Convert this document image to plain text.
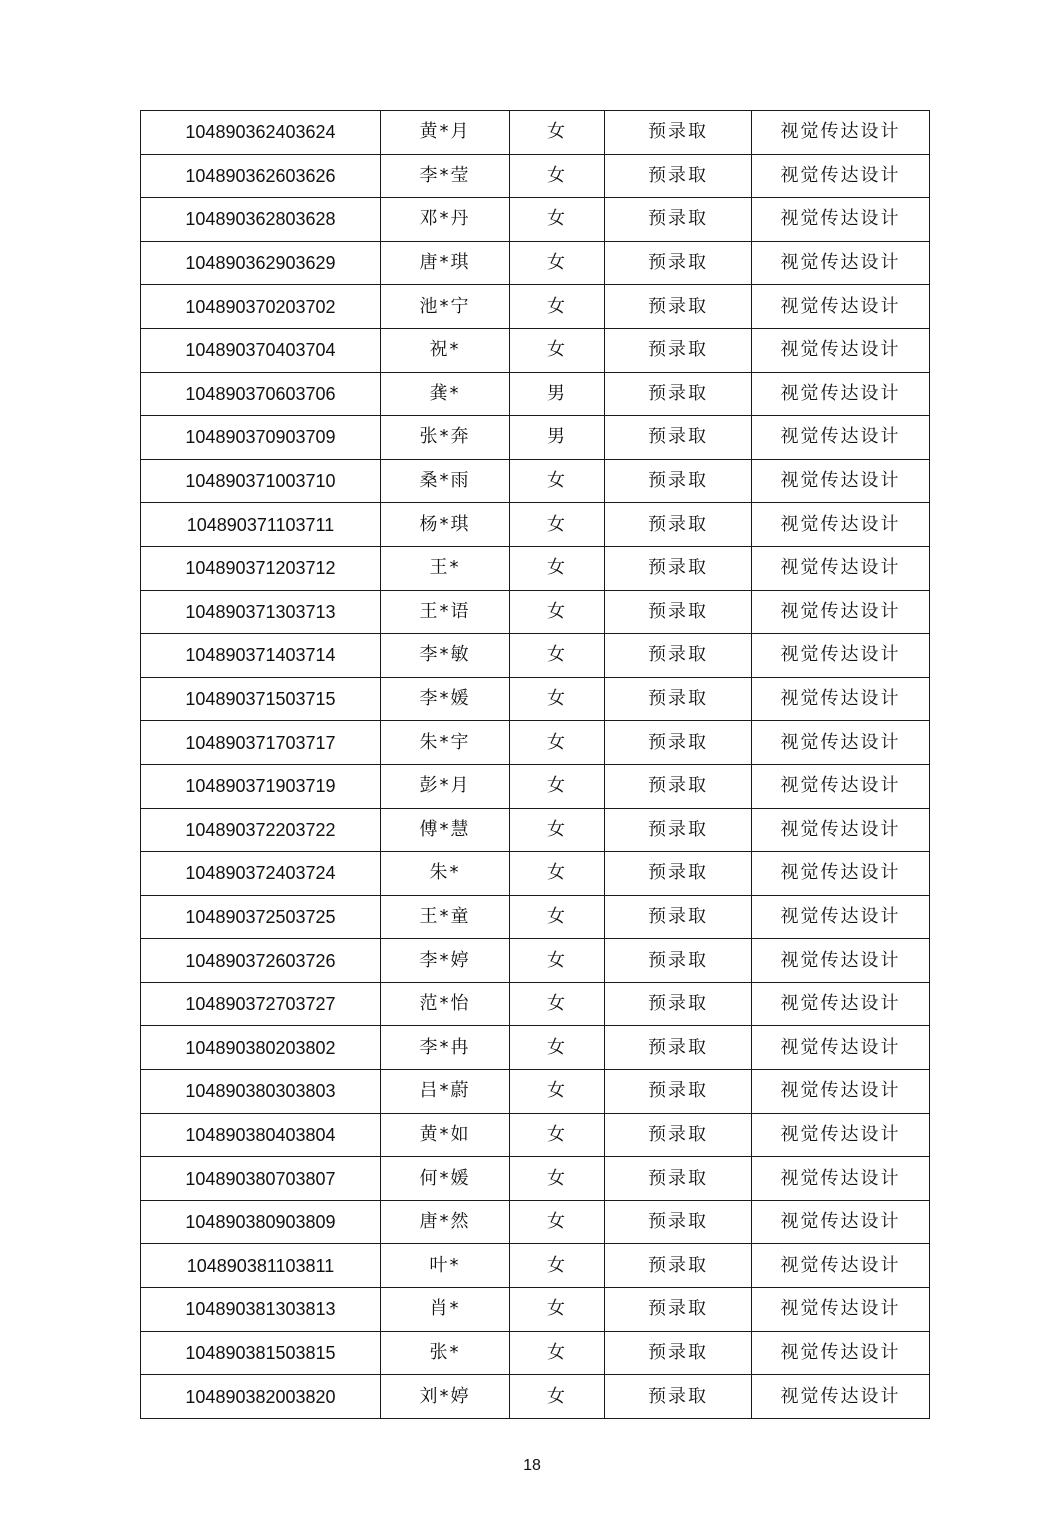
104890362403624	黄*月	女	预录取	视觉传达设计
104890362603626	李*莹	女	预录取	视觉传达设计
104890362803628	邓*丹	女	预录取	视觉传达设计
104890362903629	唐*琪	女	预录取	视觉传达设计
104890370203702	池*宁	女	预录取	视觉传达设计
104890370403704	祝*	女	预录取	视觉传达设计
104890370603706	龚*	男	预录取	视觉传达设计
104890370903709	张*奔	男	预录取	视觉传达设计
104890371003710	桑*雨	女	预录取	视觉传达设计
104890371103711	杨*琪	女	预录取	视觉传达设计
104890371203712	王*	女	预录取	视觉传达设计
104890371303713	王*语	女	预录取	视觉传达设计
104890371403714	李*敏	女	预录取	视觉传达设计
104890371503715	李*媛	女	预录取	视觉传达设计
104890371703717	朱*宇	女	预录取	视觉传达设计
104890371903719	彭*月	女	预录取	视觉传达设计
104890372203722	傅*慧	女	预录取	视觉传达设计
104890372403724	朱*	女	预录取	视觉传达设计
104890372503725	王*童	女	预录取	视觉传达设计
104890372603726	李*婷	女	预录取	视觉传达设计
104890372703727	范*怡	女	预录取	视觉传达设计
104890380203802	李*冉	女	预录取	视觉传达设计
104890380303803	吕*蔚	女	预录取	视觉传达设计
104890380403804	黄*如	女	预录取	视觉传达设计
104890380703807	何*媛	女	预录取	视觉传达设计
104890380903809	唐*然	女	预录取	视觉传达设计
104890381103811	叶*	女	预录取	视觉传达设计
104890381303813	肖*	女	预录取	视觉传达设计
104890381503815	张*	女	预录取	视觉传达设计
104890382003820	刘*婷	女	预录取	视觉传达设计
18
